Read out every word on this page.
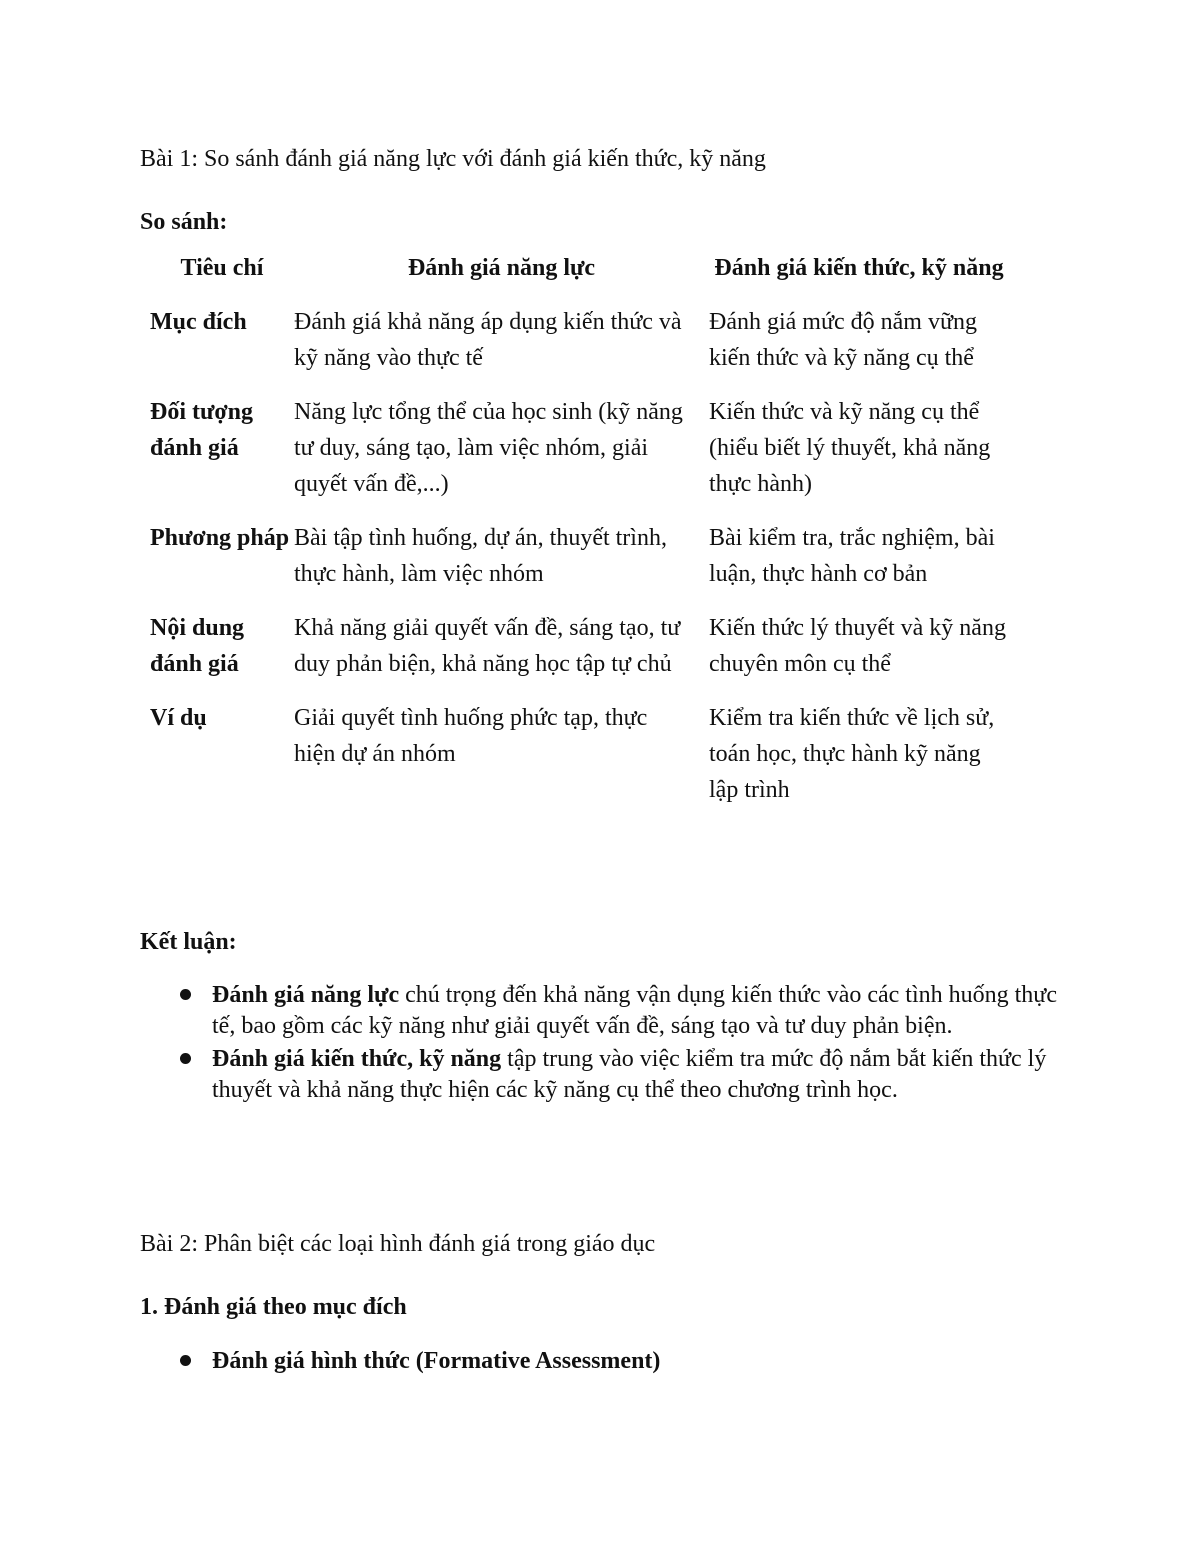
Bài 1: So sánh đánh giá năng lực với đánh giá kiến thức, kỹ năng

So sánh:

Tiêu chí	Đánh giá năng lực	Đánh giá kiến thức, kỹ năng
Mục đích	Đánh giá khả năng áp dụng kiến thức và kỹ năng vào thực tế	Đánh giá mức độ nắm vững kiến thức và kỹ năng cụ thể
Đối tượng đánh giá	Năng lực tổng thể của học sinh (kỹ năng tư duy, sáng tạo, làm việc nhóm, giải quyết vấn đề,...)	Kiến thức và kỹ năng cụ thể (hiểu biết lý thuyết, khả năng thực hành)
Phương pháp	Bài tập tình huống, dự án, thuyết trình, thực hành, làm việc nhóm	Bài kiểm tra, trắc nghiệm, bài luận, thực hành cơ bản
Nội dung đánh giá	Khả năng giải quyết vấn đề, sáng tạo, tư duy phản biện, khả năng học tập tự chủ	Kiến thức lý thuyết và kỹ năng chuyên môn cụ thể
Ví dụ	Giải quyết tình huống phức tạp, thực hiện dự án nhóm	Kiểm tra kiến thức về lịch sử, toán học, thực hành kỹ năng lập trình

Kết luận:

Đánh giá năng lực chú trọng đến khả năng vận dụng kiến thức vào các tình huống thực tế, bao gồm các kỹ năng như giải quyết vấn đề, sáng tạo và tư duy phản biện.
Đánh giá kiến thức, kỹ năng tập trung vào việc kiểm tra mức độ nắm bắt kiến thức lý thuyết và khả năng thực hiện các kỹ năng cụ thể theo chương trình học.

Bài 2: Phân biệt các loại hình đánh giá trong giáo dục

1. Đánh giá theo mục đích

Đánh giá hình thức (Formative Assessment)
